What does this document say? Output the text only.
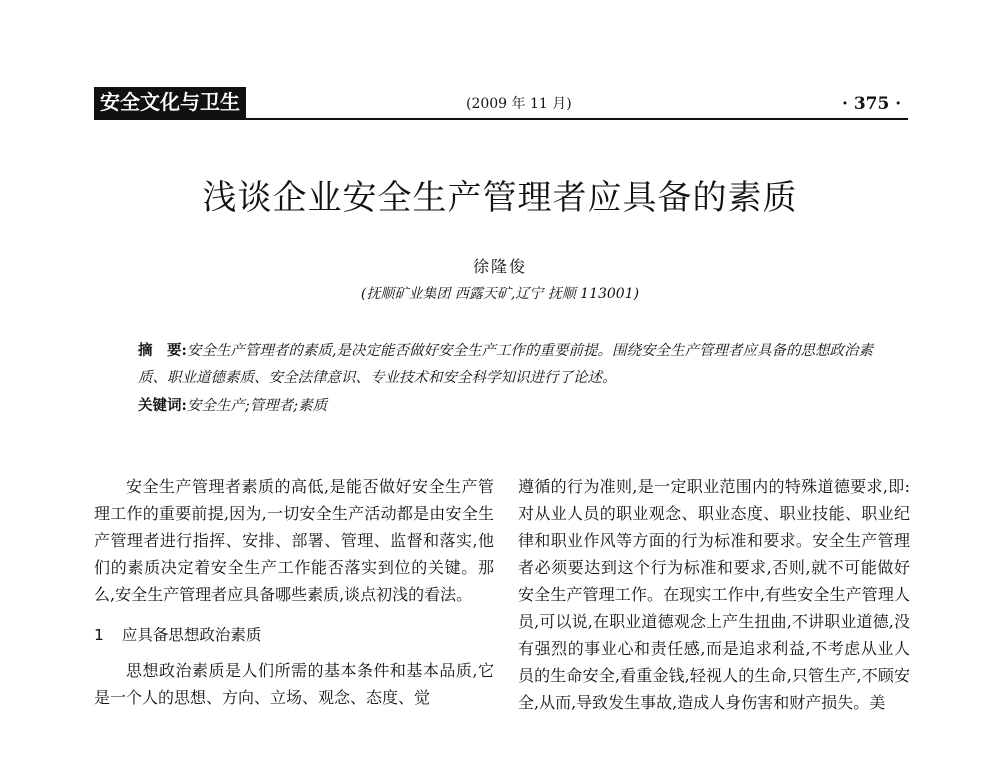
安全文化与卫生	(2009 年 11 月)	· 375 ·
浅谈企业安全生产管理者应具备的素质
徐隆俊
(抚顺矿业集团 西露天矿,辽宁 抚顺 113001)
摘　要:安全生产管理者的素质,是决定能否做好安全生产工作的重要前提。围绕安全生产管理者应具备的思想政治素质、职业道德素质、安全法律意识、专业技术和安全科学知识进行了论述。
关键词:安全生产;管理者;素质

安全生产管理者素质的高低,是能否做好安全生产管理工作的重要前提,因为,一切安全生产活动都是由安全生产管理者进行指挥、安排、部署、管理、监督和落实,他们的素质决定着安全生产工作能否落实到位的关键。那么,安全生产管理者应具备哪些素质,谈点初浅的看法。

1 应具备思想政治素质

思想政治素质是人们所需的基本条件和基本品质,它是一个人的思想、方向、立场、观念、态度、觉

遵循的行为准则,是一定职业范围内的特殊道德要求,即:对从业人员的职业观念、职业态度、职业技能、职业纪律和职业作风等方面的行为标准和要求。安全生产管理者必须要达到这个行为标准和要求,否则,就不可能做好安全生产管理工作。在现实工作中,有些安全生产管理人员,可以说,在职业道德观念上产生扭曲,不讲职业道德,没有强烈的事业心和责任感,而是追求利益,不考虑从业人员的生命安全,看重金钱,轻视人的生命,只管生产,不顾安全,从而,导致发生事故,造成人身伤害和财产损失。美
